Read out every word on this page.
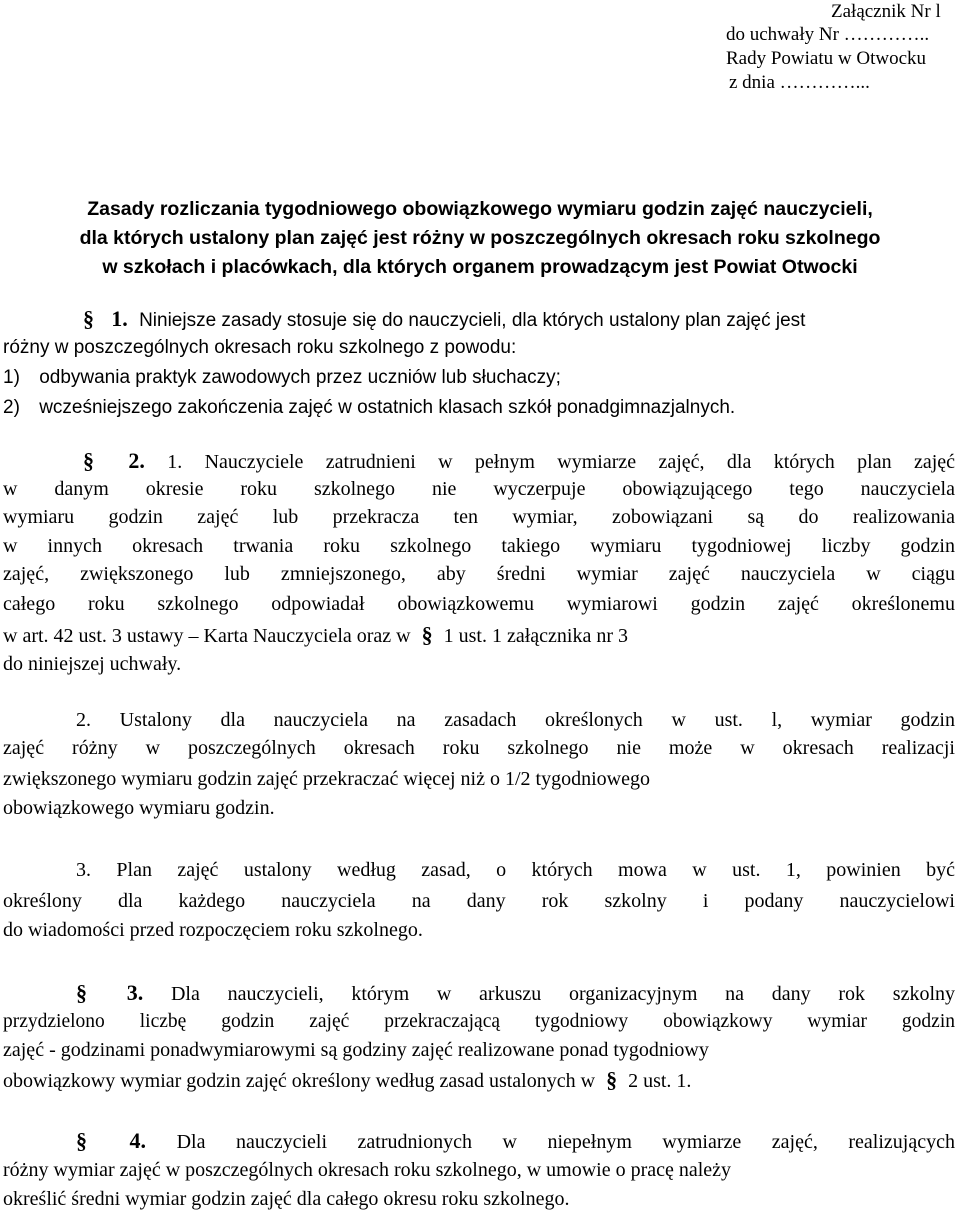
Załącznik Nr l
do uchwały Nr …………..
Rady Powiatu w Otwocku
z dnia …………...
Zasady rozliczania tygodniowego obowiązkowego wymiaru godzin zajęć nauczycieli,
dla których ustalony plan zajęć jest różny w poszczególnych okresach roku szkolnego
w szkołach i placówkach, dla których organem prowadzącym jest Powiat Otwocki
§ 1. Niniejsze zasady stosuje się do nauczycieli, dla których ustalony plan zajęć jest
różny w poszczególnych okresach roku szkolnego z powodu:
1) odbywania praktyk zawodowych przez uczniów lub słuchaczy;
2) wcześniejszego zakończenia zajęć w ostatnich klasach szkół ponadgimnazjalnych.
§ 2. 1. Nauczyciele zatrudnieni w pełnym wymiarze zajęć, dla których plan zajęć
w danym okresie roku szkolnego nie wyczerpuje obowiązującego tego nauczyciela
wymiaru godzin zajęć lub przekracza ten wymiar, zobowiązani są do realizowania
w innych okresach trwania roku szkolnego takiego wymiaru tygodniowej liczby godzin
zajęć, zwiększonego lub zmniejszonego, aby średni wymiar zajęć nauczyciela w ciągu
całego roku szkolnego odpowiadał obowiązkowemu wymiarowi godzin zajęć określonemu
w art. 42 ust. 3 ustawy – Karta Nauczyciela oraz w § 1 ust. 1 załącznika nr 3
do niniejszej uchwały.
2. Ustalony dla nauczyciela na zasadach określonych w ust. l, wymiar godzin
zajęć różny w poszczególnych okresach roku szkolnego nie może w okresach realizacji
zwiększonego wymiaru godzin zajęć przekraczać więcej niż o 1/2 tygodniowego
obowiązkowego wymiaru godzin.
3. Plan zajęć ustalony według zasad, o których mowa w ust. 1, powinien być
określony dla każdego nauczyciela na dany rok szkolny i podany nauczycielowi
do wiadomości przed rozpoczęciem roku szkolnego.
§ 3. Dla nauczycieli, którym w arkuszu organizacyjnym na dany rok szkolny
przydzielono liczbę godzin zajęć przekraczającą tygodniowy obowiązkowy wymiar godzin
zajęć - godzinami ponadwymiarowymi są godziny zajęć realizowane ponad tygodniowy
obowiązkowy wymiar godzin zajęć określony według zasad ustalonych w § 2 ust. 1.
§ 4. Dla nauczycieli zatrudnionych w niepełnym wymiarze zajęć, realizujących
różny wymiar zajęć w poszczególnych okresach roku szkolnego, w umowie o pracę należy
określić średni wymiar godzin zajęć dla całego okresu roku szkolnego.
